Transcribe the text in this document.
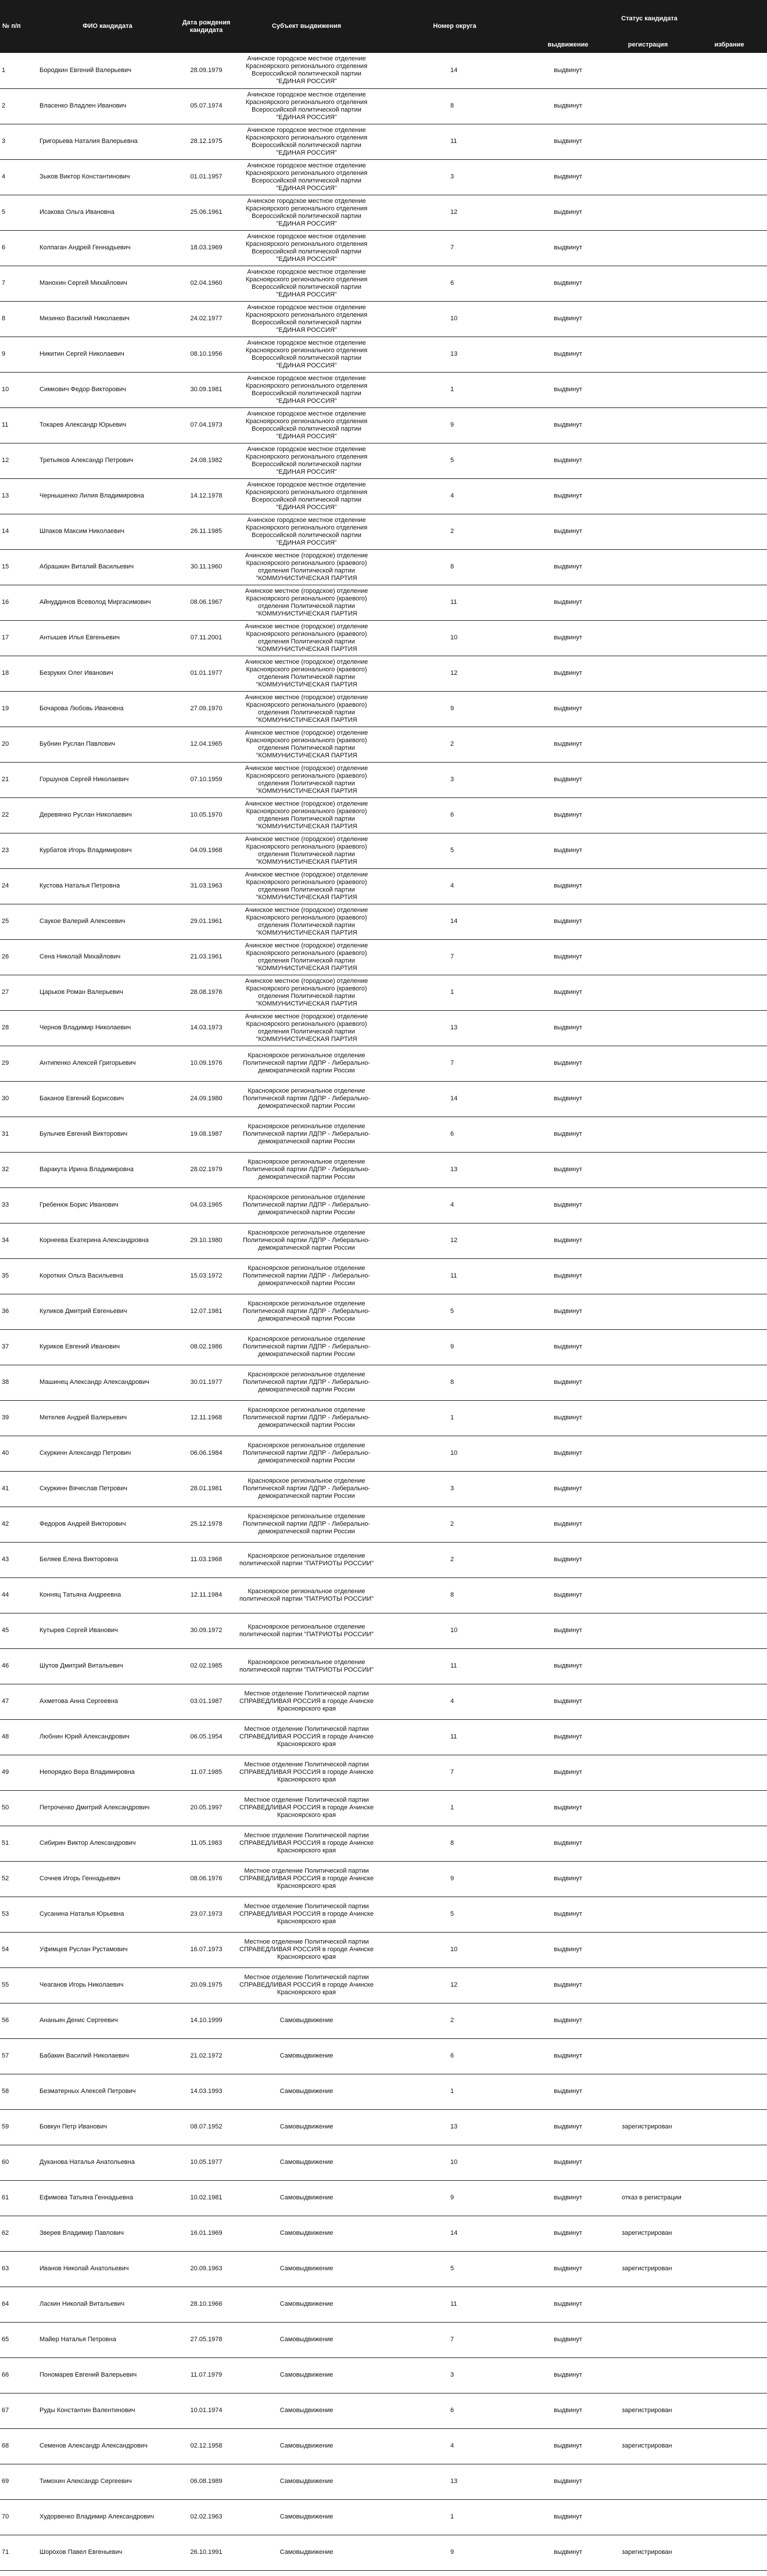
№ п/п	ФИО кандидата	Дата рождения кандидата	Субъект выдвижения	Номер округа	Статус кандидата		
					выдвижение	регистрация	избрание
1	Бородкин Евгений Валерьевич	28.09.1979	Ачинское городское местное отделение Красноярского регионального отделения Всероссийской политической партии "ЕДИНАЯ РОССИЯ"	14	выдвинут		
2	Власенко Владлен Иванович	05.07.1974	Ачинское городское местное отделение Красноярского регионального отделения Всероссийской политической партии "ЕДИНАЯ РОССИЯ"	8	выдвинут		
3	Григорьева Наталия Валерьевна	28.12.1975	Ачинское городское местное отделение Красноярского регионального отделения Всероссийской политической партии "ЕДИНАЯ РОССИЯ"	11	выдвинут		
4	Зыков Виктор Константинович	01.01.1957	Ачинское городское местное отделение Красноярского регионального отделения Всероссийской политической партии "ЕДИНАЯ РОССИЯ"	3	выдвинут		
5	Исакова Ольга Ивановна	25.06.1961	Ачинское городское местное отделение Красноярского регионального отделения Всероссийской политической партии "ЕДИНАЯ РОССИЯ"	12	выдвинут		
6	Колпаган Андрей Геннадьевич	18.03.1969	Ачинское городское местное отделение Красноярского регионального отделения Всероссийской политической партии "ЕДИНАЯ РОССИЯ"	7	выдвинут		
7	Манохин Сергей Михайлович	02.04.1960	Ачинское городское местное отделение Красноярского регионального отделения Всероссийской политической партии "ЕДИНАЯ РОССИЯ"	6	выдвинут		
8	Мизинко Василий Николаевич	24.02.1977	Ачинское городское местное отделение Красноярского регионального отделения Всероссийской политической партии "ЕДИНАЯ РОССИЯ"	10	выдвинут		
9	Никитин Сергей Николаевич	08.10.1956	Ачинское городское местное отделение Красноярского регионального отделения Всероссийской политической партии "ЕДИНАЯ РОССИЯ"	13	выдвинут		
10	Симкович Федор Викторович	30.09.1981	Ачинское городское местное отделение Красноярского регионального отделения Всероссийской политической партии "ЕДИНАЯ РОССИЯ"	1	выдвинут		
11	Токарев Александр Юрьевич	07.04.1973	Ачинское городское местное отделение Красноярского регионального отделения Всероссийской политической партии "ЕДИНАЯ РОССИЯ"	9	выдвинут		
12	Третьяков Александр Петрович	24.08.1982	Ачинское городское местное отделение Красноярского регионального отделения Всероссийской политической партии "ЕДИНАЯ РОССИЯ"	5	выдвинут		
13	Чернышенко Лилия Владимировна	14.12.1978	Ачинское городское местное отделение Красноярского регионального отделения Всероссийской политической партии "ЕДИНАЯ РОССИЯ"	4	выдвинут		
14	Шпаков Максим Николаевич	26.11.1985	Ачинское городское местное отделение Красноярского регионального отделения Всероссийской политической партии "ЕДИНАЯ РОССИЯ"	2	выдвинут		
15	Абрашкин Виталий Васильевич	30.11.1960	Ачинское местное (городское) отделение Красноярского регионального (краевого) отделения Политической партии "КОММУНИСТИЧЕСКАЯ ПАРТИЯ	8	выдвинут		
16	Айнуддинов Всеволод Миргасимович	08.06.1967	Ачинское местное (городское) отделение Красноярского регионального (краевого) отделения Политической партии "КОММУНИСТИЧЕСКАЯ ПАРТИЯ	11	выдвинут		
17	Антышев Илья Евгеньевич	07.11.2001	Ачинское местное (городское) отделение Красноярского регионального (краевого) отделения Политической партии "КОММУНИСТИЧЕСКАЯ ПАРТИЯ	10	выдвинут		
18	Безруких Олег Иванович	01.01.1977	Ачинское местное (городское) отделение Красноярского регионального (краевого) отделения Политической партии "КОММУНИСТИЧЕСКАЯ ПАРТИЯ	12	выдвинут		
19	Бочарова Любовь Ивановна	27.09.1970	Ачинское местное (городское) отделение Красноярского регионального (краевого) отделения Политической партии "КОММУНИСТИЧЕСКАЯ ПАРТИЯ	9	выдвинут		
20	Бубнин Руслан Павлович	12.04.1965	Ачинское местное (городское) отделение Красноярского регионального (краевого) отделения Политической партии "КОММУНИСТИЧЕСКАЯ ПАРТИЯ	2	выдвинут		
21	Горшунов Сергей Николаевич	07.10.1959	Ачинское местное (городское) отделение Красноярского регионального (краевого) отделения Политической партии "КОММУНИСТИЧЕСКАЯ ПАРТИЯ	3	выдвинут		
22	Деревянко Руслан Николаевич	10.05.1970	Ачинское местное (городское) отделение Красноярского регионального (краевого) отделения Политической партии "КОММУНИСТИЧЕСКАЯ ПАРТИЯ	6	выдвинут		
23	Курбатов Игорь Владимирович	04.09.1968	Ачинское местное (городское) отделение Красноярского регионального (краевого) отделения Политической партии "КОММУНИСТИЧЕСКАЯ ПАРТИЯ	5	выдвинут		
24	Кустова Наталья Петровна	31.03.1963	Ачинское местное (городское) отделение Красноярского регионального (краевого) отделения Политической партии "КОММУНИСТИЧЕСКАЯ ПАРТИЯ	4	выдвинут		
25	Саукое Валерий Алексеевич	29.01.1961	Ачинское местное (городское) отделение Красноярского регионального (краевого) отделения Политической партии "КОММУНИСТИЧЕСКАЯ ПАРТИЯ	14	выдвинут		
26	Сена Николай Михайлович	21.03.1961	Ачинское местное (городское) отделение Красноярского регионального (краевого) отделения Политической партии "КОММУНИСТИЧЕСКАЯ ПАРТИЯ	7	выдвинут		
27	Царьков Роман Валерьевич	28.08.1976	Ачинское местное (городское) отделение Красноярского регионального (краевого) отделения Политической партии "КОММУНИСТИЧЕСКАЯ ПАРТИЯ	1	выдвинут		
28	Чернов Владимир Николаевич	14.03.1973	Ачинское местное (городское) отделение Красноярского регионального (краевого) отделения Политической партии "КОММУНИСТИЧЕСКАЯ ПАРТИЯ	13	выдвинут		
29	Антипенко Алексей Григорьевич	10.09.1976	Красноярское региональное отделение Политической партии ЛДПР - Либерально-демократической партии России	7	выдвинут		
30	Баканов Евгений Борисович	24.09.1980	Красноярское региональное отделение Политической партии ЛДПР - Либерально-демократической партии России	14	выдвинут		
31	Булычев Евгений Викторович	19.08.1987	Красноярское региональное отделение Политической партии ЛДПР - Либерально-демократической партии России	6	выдвинут		
32	Варакута Ирина Владимировна	28.02.1979	Красноярское региональное отделение Политической партии ЛДПР - Либерально-демократической партии России	13	выдвинут		
33	Гребенюк Борис Иванович	04.03.1965	Красноярское региональное отделение Политической партии ЛДПР - Либерально-демократической партии России	4	выдвинут		
34	Корнеева Екатерина Александровна	29.10.1980	Красноярское региональное отделение Политической партии ЛДПР - Либерально-демократической партии России	12	выдвинут		
35	Коротких Ольга Васильевна	15.03.1972	Красноярское региональное отделение Политической партии ЛДПР - Либерально-демократической партии России	11	выдвинут		
36	Куликов Дмитрий Евгеньевич	12.07.1981	Красноярское региональное отделение Политической партии ЛДПР - Либерально-демократической партии России	5	выдвинут		
37	Куриков Евгений Иванович	08.02.1986	Красноярское региональное отделение Политической партии ЛДПР - Либерально-демократической партии России	9	выдвинут		
38	Машинец Александр Александрович	30.01.1977	Красноярское региональное отделение Политической партии ЛДПР - Либерально-демократической партии России	8	выдвинут		
39	Метелев Андрей Валерьевич	12.11.1968	Красноярское региональное отделение Политической партии ЛДПР - Либерально-демократической партии России	1	выдвинут		
40	Скуркинн Александр Петрович	06.06.1984	Красноярское региональное отделение Политической партии ЛДПР - Либерально-демократической партии России	10	выдвинут		
41	Скуркинн Вячеслав Петрович	28.01.1981	Красноярское региональное отделение Политической партии ЛДПР - Либерально-демократической партии России	3	выдвинут		
42	Федоров Андрей Викторович	25.12.1978	Красноярское региональное отделение Политической партии ЛДПР - Либерально-демократической партии России	2	выдвинут		
43	Беляев Елена Викторовна	11.03.1968	Красноярское региональное отделение политической партии "ПАТРИОТЫ РОССИИ"	2	выдвинут		
44	Конняц Татьяна Андреевна	12.11.1984	Красноярское региональное отделение политической партии "ПАТРИОТЫ РОССИИ"	8	выдвинут		
45	Кутырев Сергей Иванович	30.09.1972	Красноярское региональное отделение политической партии "ПАТРИОТЫ РОССИИ"	10	выдвинут		
46	Шутов Дмитрий Витальевич	02.02.1985	Красноярское региональное отделение политической партии "ПАТРИОТЫ РОССИИ"	11	выдвинут		
47	Ахметова Анна Сергеевна	03.01.1987	Местное отделение Политической партии СПРАВЕДЛИВАЯ РОССИЯ в городе Ачинске Красноярского края	4	выдвинут		
48	Любнин Юрий Александрович	06.05.1954	Местное отделение Политической партии СПРАВЕДЛИВАЯ РОССИЯ в городе Ачинске Красноярского края	11	выдвинут		
49	Непорядко Вера Владимировна	11.07.1985	Местное отделение Политической партии СПРАВЕДЛИВАЯ РОССИЯ в городе Ачинске Красноярского края	7	выдвинут		
50	Петроченко Дмитрий Александрович	20.05.1997	Местное отделение Политической партии СПРАВЕДЛИВАЯ РОССИЯ в городе Ачинске Красноярского края	1	выдвинут		
51	Сибирин Виктор Александрович	11.05.1983	Местное отделение Политической партии СПРАВЕДЛИВАЯ РОССИЯ в городе Ачинске Красноярского края	8	выдвинут		
52	Сочнев Игорь Геннадьевич	08.06.1976	Местное отделение Политической партии СПРАВЕДЛИВАЯ РОССИЯ в городе Ачинске Красноярского края	9	выдвинут		
53	Сусанина Наталья Юрьевна	23.07.1973	Местное отделение Политической партии СПРАВЕДЛИВАЯ РОССИЯ в городе Ачинске Красноярского края	5	выдвинут		
54	Уфимцев Руслан Рустамович	16.07.1973	Местное отделение Политической партии СПРАВЕДЛИВАЯ РОССИЯ в городе Ачинске Красноярского края	10	выдвинут		
55	Чеаганов Игорь Николаевич	20.09.1975	Местное отделение Политической партии СПРАВЕДЛИВАЯ РОССИЯ в городе Ачинске Красноярского края	12	выдвинут		
56	Ананьин Денис Сергеевич	14.10.1999	Самовыдвижение	2	выдвинут		
57	Бабакин Василий Николаевич	21.02.1972	Самовыдвижение	6	выдвинут		
58	Безматерных Алексей Петрович	14.03.1993	Самовыдвижение	1	выдвинут		
59	Бовкун Петр Иванович	08.07.1952	Самовыдвижение	13	выдвинут	зарегистрирован	
60	Дуканова Наталья Анатольевна	10.05.1977	Самовыдвижение	10	выдвинут		
61	Ефимова Татьяна Геннадьевна	10.02.1981	Самовыдвижение	9	выдвинут	отказ в регистрации	
62	Зверев Владимир Павлович	16.01.1969	Самовыдвижение	14	выдвинут	зарегистрирован	
63	Иванов Николай Анатольевич	20.09.1963	Самовыдвижение	5	выдвинут	зарегистрирован	
64	Ласкин Николай Витальевич	28.10.1966	Самовыдвижение	11	выдвинут		
65	Майер Наталья Петровна	27.05.1978	Самовыдвижение	7	выдвинут		
66	Пономарев Евгений Валерьевич	11.07.1979	Самовыдвижение	3	выдвинут		
67	Руды Константин Валентинович	10.01.1974	Самовыдвижение	6	выдвинут	зарегистрирован	
68	Семенов Александр Александрович	02.12.1958	Самовыдвижение	4	выдвинут	зарегистрирован	
69	Тимохин Александр Сергеевич	06.08.1989	Самовыдвижение	13	выдвинут		
70	Худорвенко Владимир Александрович	02.02.1963	Самовыдвижение	1	выдвинут		
71	Шорохов Павел Евгеньевич	26.10.1991	Самовыдвижение	9	выдвинут	зарегистрирован	
